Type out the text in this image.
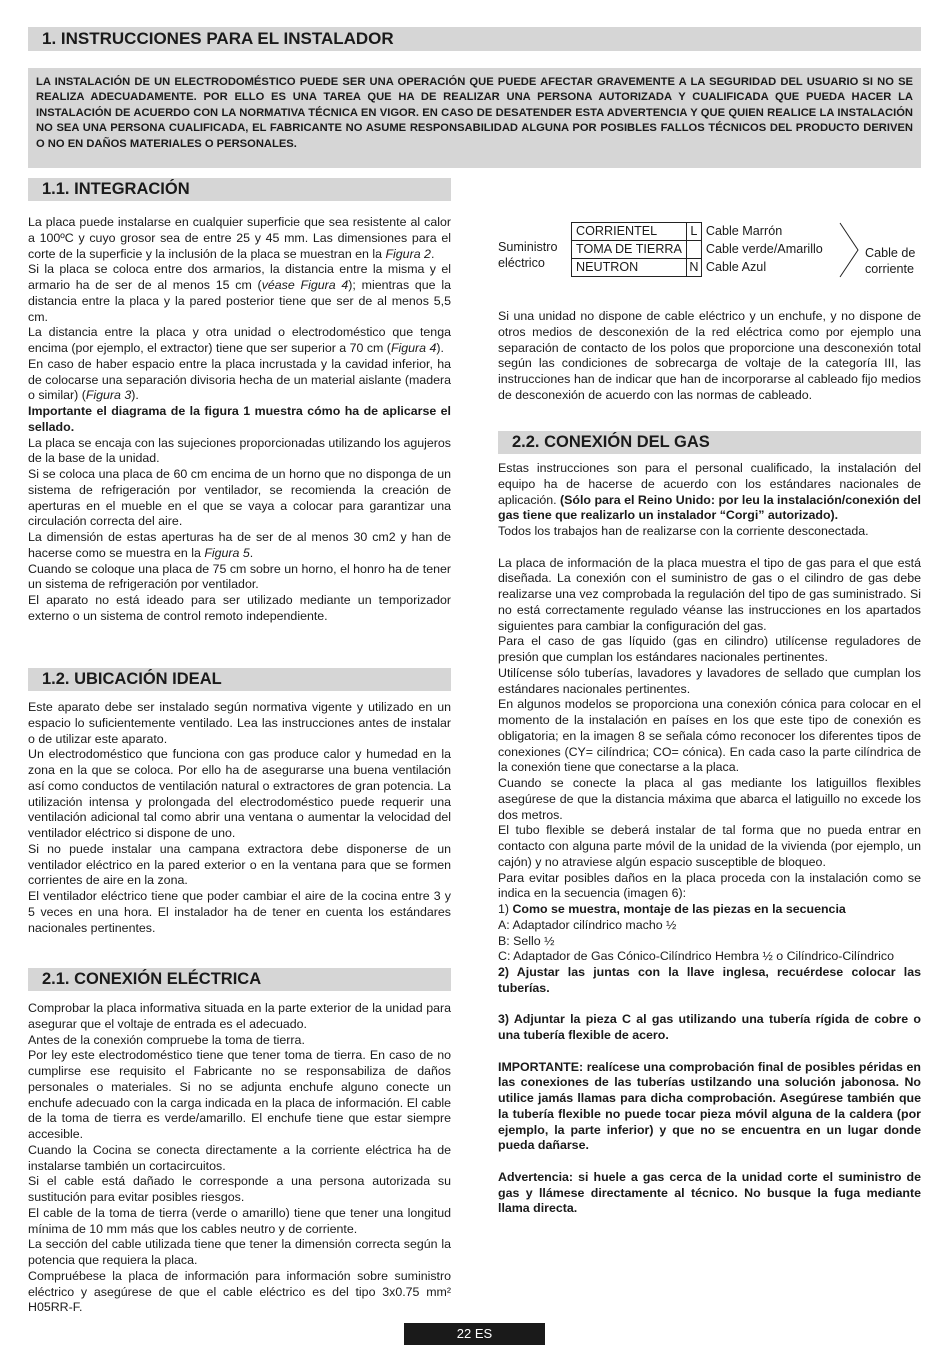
1. INSTRUCCIONES PARA EL INSTALADOR
LA INSTALACIÓN DE UN ELECTRODOMÉSTICO PUEDE SER UNA OPERACIÓN QUE PUEDE AFECTAR GRAVEMENTE A LA SEGURIDAD DEL USUARIO SI NO SE REALIZA ADECUADAMENTE. POR ELLO ES UNA TAREA QUE HA DE REALIZAR UNA PERSONA AUTORIZADA Y CUALIFICADA QUE PUEDA HACER LA INSTALACIÓN DE ACUERDO CON LA NORMATIVA TÉCNICA EN VIGOR. EN CASO DE DESATENDER ESTA ADVERTENCIA Y QUE QUIEN REALICE LA INSTALACIÓN NO SEA UNA PERSONA CUALIFICADA, EL FABRICANTE NO ASUME RESPONSABILIDAD ALGUNA POR POSIBLES FALLOS TÉCNICOS DEL PRODUCTO DERIVEN O NO EN DAÑOS MATERIALES O PERSONALES.
1.1. INTEGRACIÓN

La placa puede instalarse en cualquier superficie que sea resistente al calor a 100ºC y cuyo grosor sea de entre 25 y 45 mm. Las dimensiones para el corte de la superficie y la inclusión de la placa se muestran en la Figura 2.

Si la placa se coloca entre dos armarios, la distancia entre la misma y el armario ha de ser de al menos 15 cm (véase Figura 4); mientras que la distancia entre la placa y la pared posterior tiene que ser de al menos 5,5 cm.

La distancia entre la placa y otra unidad o electrodoméstico que tenga encima (por ejemplo, el extractor) tiene que ser superior a 70 cm (Figura 4).

En caso de haber espacio entre la placa incrustada y la cavidad inferior, ha de colocarse una separación divisoria hecha de un material aislante (madera o similar) (Figura 3).

Importante el diagrama de la figura 1 muestra cómo ha de aplicarse el sellado.

La placa se encaja con las sujeciones proporcionadas utilizando los agujeros de la base de la unidad.

Si se coloca una placa de 60 cm encima de un horno que no disponga de un sistema de refrigeración por ventilador, se recomienda la creación de aperturas en el mueble en el que se vaya a colocar para garantizar una circulación correcta del aire.

La dimensión de estas aperturas ha de ser de al menos 30 cm2 y han de hacerse como se muestra en la Figura 5.

Cuando se coloque una placa de 75 cm sobre un horno, el honro ha de tener un sistema de refrigeración por ventilador.

El aparato no está ideado para ser utilizado mediante un temporizador externo o un sistema de control remoto independiente.

1.2. UBICACIÓN IDEAL

Este aparato debe ser instalado según normativa vigente y utilizado en un espacio lo suficientemente ventilado. Lea las instrucciones antes de instalar o de utilizar este aparato.

Un electrodoméstico que funciona con gas produce calor y humedad en la zona en la que se coloca. Por ello ha de asegurarse una buena ventilación así como conductos de ventilación natural o extractores de gran potencia. La utilización intensa y prolongada del electrodoméstico puede requerir una ventilación adicional tal como abrir una ventana o aumentar la velocidad del ventilador eléctrico si dispone de uno.

Si no puede instalar una campana extractora debe disponerse de un ventilador eléctrico en la pared exterior o en la ventana para que se formen corrientes de aire en la zona.

El ventilador eléctrico tiene que poder cambiar el aire de la cocina entre 3 y 5 veces en una hora. El instalador ha de tener en cuenta los estándares nacionales pertinentes.

2.1. CONEXIÓN ELÉCTRICA

Comprobar la placa informativa situada en la parte exterior de la unidad para asegurar que el voltaje de entrada es el adecuado.

Antes de la conexión compruebe la toma de tierra.

Por ley este electrodoméstico tiene que tener toma de tierra. En caso de no cumplirse ese requisito el Fabricante no se responsabiliza de daños personales o materiales. Si no se adjunta enchufe alguno conecte un enchufe adecuado con la carga indicada en la placa de información. El cable de la toma de tierra es verde/amarillo. El enchufe tiene que estar siempre accesible.

Cuando la Cocina se conecta directamente a la corriente eléctrica ha de instalarse también un cortacircuitos.

Si el cable está dañado le corresponde a una persona autorizada su sustitución para evitar posibles riesgos.

El cable de la toma de tierra (verde o amarillo) tiene que tener una longitud mínima de 10 mm más que los cables neutro y de corriente.

La sección del cable utilizada tiene que tener la dimensión correcta según la potencia que requiera la placa.

Compruébese la placa de información para información sobre suministro eléctrico y asegúrese de que el cable eléctrico es del tipo 3x0.75 mm² H05RR-F.

Suministro
eléctrico
CORRIENTEL	L	Cable Marrón
TOMA DE TIERRA		Cable verde/Amarillo
NEUTRON	N	Cable Azul
Cable de
corriente

Si una unidad no dispone de cable eléctrico y un enchufe, y no dispone de otros medios de desconexión de la red eléctrica como por ejemplo una separación de contacto de los polos que proporcione una desconexión total según las condiciones de sobrecarga de voltaje de la categoría III, las instrucciones han de indicar que han de incorporarse al cableado fijo medios de desconexión de acuerdo con las normas de cableado.

2.2. CONEXIÓN DEL GAS

Estas instrucciones son para el personal cualificado, la instalación del equipo ha de hacerse de acuerdo con los estándares nacionales de aplicación. (Sólo para el Reino Unido: por leu la instalación/conexión del gas tiene que realizarlo un instalador “Corgi” autorizado).

Todos los trabajos han de realizarse con la corriente desconectada.

La placa de información de la placa muestra el tipo de gas para el que está diseñada. La conexión con el suministro de gas o el cilindro de gas debe realizarse una vez comprobada la regulación del tipo de gas suministrado. Si no está correctamente regulado véanse las instrucciones en los apartados siguientes para cambiar la configuración del gas.

Para el caso de gas líquido (gas en cilindro) utilícense reguladores de presión que cumplan los estándares nacionales pertinentes.

Utilícense sólo tuberías, lavadores y lavadores de sellado que cumplan los estándares nacionales pertinentes.

En algunos modelos se proporciona una conexión cónica para colocar en el momento de la instalación en países en los que este tipo de conexión es obligatoria; en la imagen 8 se señala cómo reconocer los diferentes tipos de conexiones (CY= cilíndrica; CO= cónica). En cada caso la parte cilíndrica de la conexión tiene que conectarse a la placa.

Cuando se conecte la placa al gas mediante los latiguillos flexibles asegúrese de que la distancia máxima que abarca el latiguillo no excede los dos metros.

El tubo flexible se deberá instalar de tal forma que no pueda entrar en contacto con alguna parte móvil de la unidad de la vivienda (por ejemplo, un cajón) y no atraviese algún espacio susceptible de bloqueo.

Para evitar posibles daños en la placa proceda con la instalación como se indica en la secuencia (imagen 6):

1) Como se muestra, montaje de las piezas en la secuencia

A: Adaptador cilíndrico macho ½

B: Sello ½

C: Adaptador de Gas Cónico-Cilíndrico Hembra ½ o Cilíndrico-Cilíndrico

2) Ajustar las juntas con la llave inglesa, recuérdese colocar las tuberías.

3) Adjuntar la pieza C al gas utilizando una tubería rígida de cobre o una tubería flexible de acero.

IMPORTANTE: realícese una comprobación final de posibles péridas en las conexiones de las tuberías ustilzando una solución jabonosa. No utilice jamás llamas para dicha comprobación. Asegúrese también que la tubería flexible no puede tocar pieza móvil alguna de la caldera (por ejemplo, la parte inferior) y que no se encuentra en un lugar donde pueda dañarse.

Advertencia: si huele a gas cerca de la unidad corte el suministro de gas y llámese directamente al técnico. No busque la fuga mediante llama directa.

22 ES
